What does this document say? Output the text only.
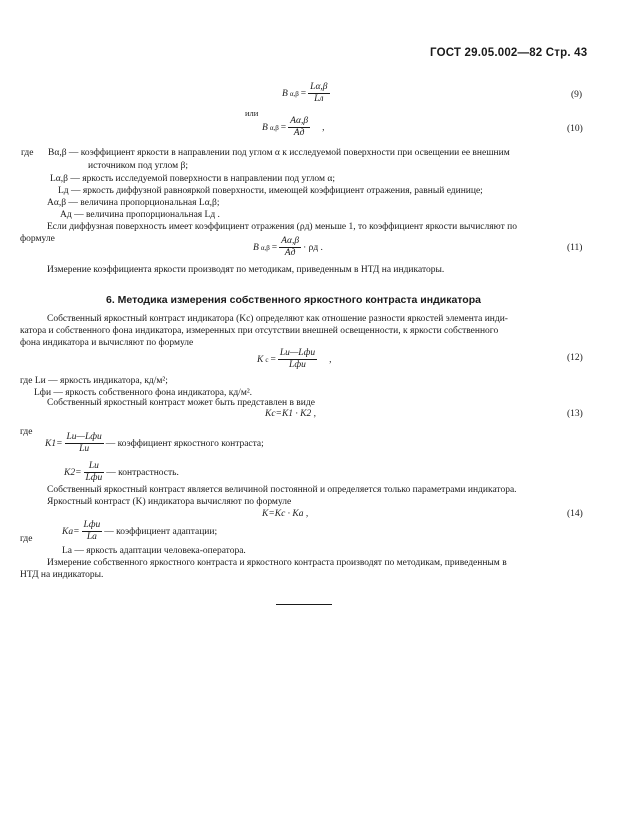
ГОСТ 29.05.002—82 Стр. 43
B $\alpha,\beta = \frac{L\alpha,\beta}{Lл}$	(9)
или
B $\alpha,\beta = \frac{A\alpha,\beta}{Aд}$ ,	(10)
где Bα,β — коэффициент яркости в направлении под углом α к исследуемой поверхности при освещении ее внешним
источником под углом β;
Lα,β — яркость исследуемой поверхности в направлении под углом α;
Lд — яркость диффузной равнояркой поверхности, имеющей коэффициент отражения, равный единице;
Aα,β — величина пропорциональная Lα,β;
Aд — величина пропорциональная Lд .
Если диффузная поверхность имеет коэффициент отражения (ρд) меньше 1, то коэффициент яркости вычисляют по
формуле
B $\alpha,\beta = \frac{A\alpha,\beta}{Aд} \cdot \rho д$ .	(11)
Измерение коэффициента яркости производят по методикам, приведенным в НТД на индикаторы.
6. Методика измерения собственного яркостного контраста индикатора
Собственный яркостный контраст индикатора (Kс) определяют как отношение разности яркостей элемента инди-
катора и собственного фона индикатора, измеренных при отсутствии внешней освещенности, к яркости собственного
фона индикатора и вычисляют по формуле
K $с = \frac{\text{Lи—Lфи}}{\text{Lфи}}$ ,	(12)
где Lи — яркость индикатора, кд/м²;
Lфи — яркость собственного фона индикатора, кд/м².
Собственный яркостный контраст может быть представлен в виде
Kс=K1 · K2 ,	(13)
где
$K1= \frac{\text{Lи—Lфи}}{Lи}$ — коэффициент яркостного контраста;
$K2= \frac{Lи}{\text{Lфи}}$ — контрастность.
Собственный яркостный контраст является величиной постоянной и определяется только параметрами индикатора.
Яркостный контраст (K) индикатора вычисляют по формуле
K=Kс · Kа ,	(14)
где
$Kа= \frac{\text{Lфи}}{Lа}$ — коэффициент адаптации;
Lа — яркость адаптации человека-оператора.
Измерение собственного яркостного контраста и яркостного контраста производят по методикам, приведенным в
НТД на индикаторы.
